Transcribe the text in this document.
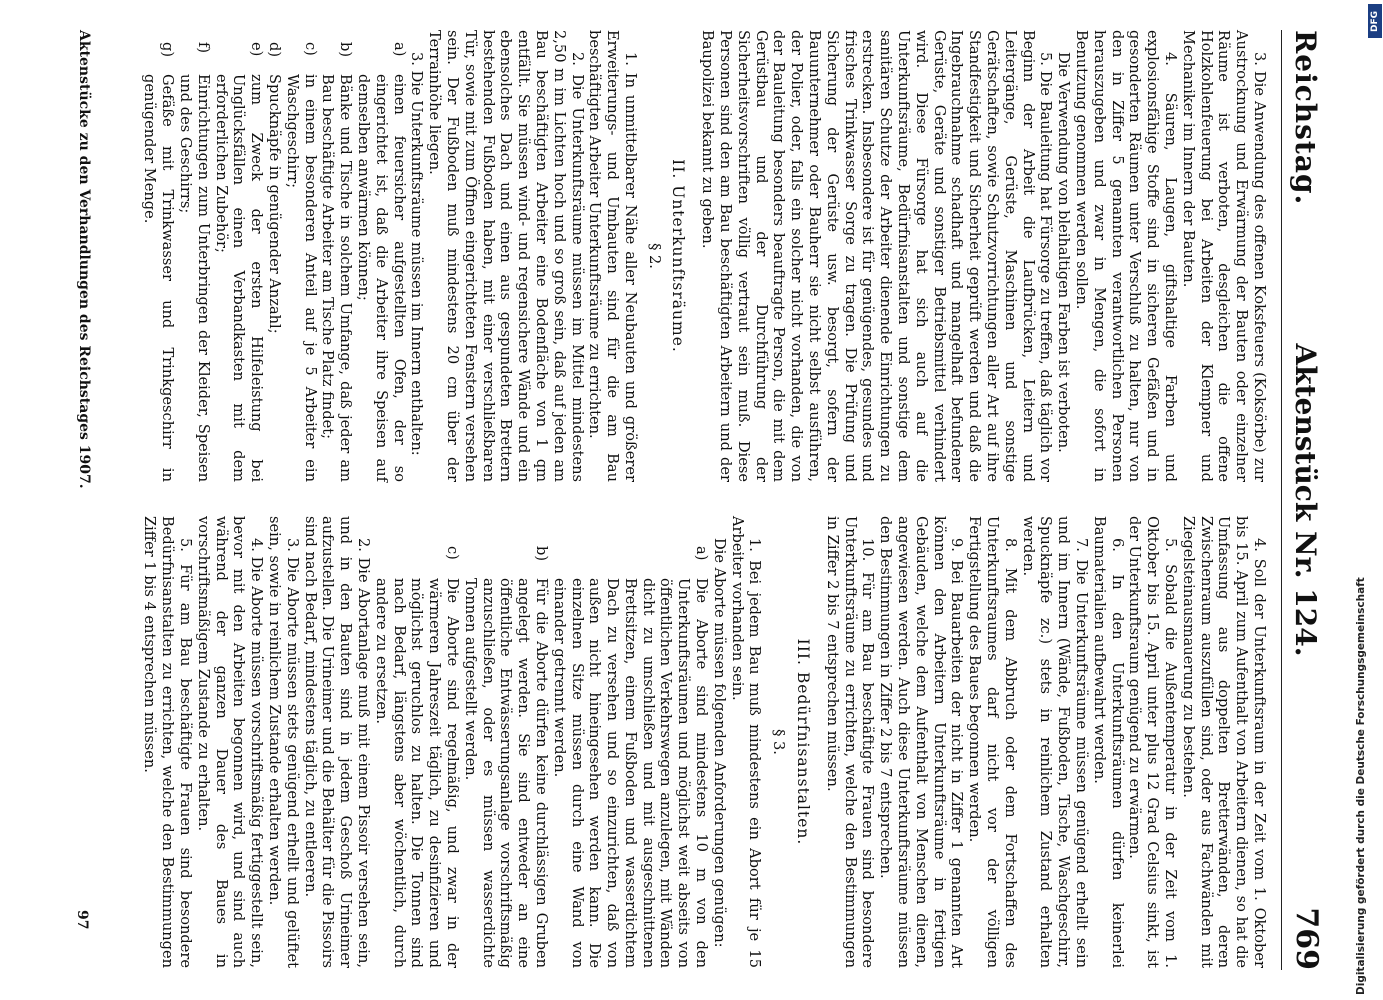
Reichstag.
Aktenstück Nr. 124.
769

3. Die Anwendung des offenen Koksfeuers (Koksörbe) zur Austrocknung und Erwärmung der Bauten oder einzelner Räume ist verboten, desgleichen die offene Holzkohlenfeuerung bei Arbeiten der Klempner und Mechaniker im Innern der Bauten.

4. Säuren, Laugen, giftshaltige Farben und explosionsfähige Stoffe sind in sicheren Gefäßen und in gesonderten Räumen unter Verschluß zu halten, nur von den in Ziffer 5 genannten verantwortlichen Personen herauszugeben und zwar in Mengen, die sofort in Benutzung genommen werden sollen.

Die Verwendung von bleihaltigen Farben ist verboten.

5. Die Bauleitung hat Fürsorge zu treffen, daß täglich vor Beginn der Arbeit die Laufbrücken, Leitern und Leitergänge, Gerüste, Maschinen und sonstige Gerätschaften, sowie Schutzvorrichtungen aller Art auf ihre Standfestigkeit und Sicherheit geprüft werden und daß die Ingebrauchnahme schadhaft und mangelhaft befundener Gerüste, Geräte und sonstiger Betriebsmittel verhindert wird. Diese Fürsorge hat sich auch auf die Unterkunftsräume, Bedürfnisanstalten und sonstige dem sanitären Schutze der Arbeiter dienende Einrichtungen zu erstrecken. Insbesondere ist für genügendes, gesundes und frisches Trinkwasser Sorge zu tragen. Die Prüfung und Sicherung der Gerüste usw. besorgt, sofern der Bauunternehmer oder Bauherr sie nicht selbst ausführen, der Polier, oder, falls ein solcher nicht vorhanden, die von der Bauleitung besonders beauftragte Person, die mit dem Gerüstbau und der Durchführung der Sicherheitsvorschriften völlig vertraut sein muß. Diese Personen sind den am Bau beschäftigten Arbeitern und der Baupolizei bekannt zu geben.

II. Unterkunftsräume.

§ 2.

1. In unmittelbarer Nähe aller Neubauten und größerer Erweiterungs- und Umbauten sind für die am Bau beschäftigten Arbeiter Unterkunftsräume zu errichten.

2. Die Unterkunftsräume müssen im Mittel mindestens 2,50 m im Lichten hoch und so groß sein, daß auf jeden am Bau beschäftigten Arbeiter eine Bodenfläche von 1 qm entfällt. Sie müssen wind- und regensichere Wände und ein ebensolches Dach und einen aus gespundeten Brettern bestehenden Fußboden haben, mit einer verschließbaren Tür, sowie mit zum Öffnen eingerichteten Fenstern versehen sein. Der Fußboden muß mindestens 20 cm über der Terrainhöhe liegen.

3. Die Unterkunftsräume müssen im Innern enthalten:

a)
einen feuersicher aufgestellten Ofen, der so eingerichtet ist, daß die Arbeiter ihre Speisen auf demselben anwärmen können;

b)
Bänke und Tische in solchem Umfange, daß jeder am Bau beschäftigte Arbeiter am Tische Platz findet;

c)
in einem besonderen Anteil auf je 5 Arbeiter ein Waschgeschirr;

d)
Spucknäpfe in genügender Anzahl;

e)
zum Zweck der ersten Hilfeleistung bei Unglücksfällen einen Verbandkasten mit dem erforderlichen Zubehör;

f)
Einrichtungen zum Unterbringen der Kleider, Speisen und des Geschirrs;

g)
Gefäße mit Trinkwasser und Trinkgeschirr in genügender Menge.

4. Soll der Unterkunftsraum in der Zeit vom 1. Oktober bis 15. April zum Aufenthalt von Arbeitern dienen, so hat die Umfassung aus doppelten Bretterwänden, deren Zwischenraum auszufüllen sind, oder aus Fachwänden mit Ziegelsteinausmauerung zu bestehen.

5. Sobald die Außentemperatur in der Zeit vom 1. Oktober bis 15. April unter plus 12 Grad Celsius sinkt, ist der Unterkunftsraum genügend zu erwärmen.

6. In den Unterkunftsräumen dürfen keinerlei Baumaterialien aufbewahrt werden.

7. Die Unterkunftsräume müssen genügend erhellt sein und im Innern (Wände, Fußboden, Tische, Waschgeschirr, Spucknäpfe zc.) stets in reinlichem Zustand erhalten werden.

8. Mit dem Abbruch oder dem Fortschaffen des Unterkunftsraumes darf nicht vor der völligen Fertigstellung des Baues begonnen werden.

9. Bei Bauarbeiten der nicht in Ziffer 1 genannten Art können den Arbeitern Unterkunftsräume in fertigen Gebäuden, welche dem Aufenthalt von Menschen dienen, angewiesen werden. Auch diese Unterkunftsräume müssen den Bestimmungen in Ziffer 2 bis 7 entsprechen.

10. Für am Bau beschäftigte Frauen sind besondere Unterkunftsräume zu errichten, welche den Bestimmungen in Ziffer 2 bis 7 entsprechen müssen.

III. Bedürfnisanstalten.

§ 3.

1. Bei jedem Bau muß mindestens ein Abort für je 15 Arbeiter vorhanden sein.

Die Aborte müssen folgenden Anforderungen genügen:

a)
Die Aborte sind mindestens 10 m von den Unterkunftsräumen und möglichst weit abseits von öffentlichen Verkehrswegen anzulegen, mit Wänden dicht zu umschließen und mit ausgeschnittenen Brettsitzen, einem Fußboden und wasserdichtem Dach zu versehen und so einzurichten, daß von außen nicht hineingesehen werden kann. Die einzelnen Sitze müssen durch eine Wand von einander getrennt werden.

b)
Für die Aborte dürfen keine durchlässigen Gruben angelegt werden. Sie sind entweder an eine öffentliche Entwässerungsanlage vorschriftsmäßig anzuschließen, oder es müssen wasserdichte Tonnen aufgestellt werden.

c)
Die Aborte sind regelmäßig, und zwar in der wärmeren Jahreszeit täglich, zu desinfizieren und möglichst geruchlos zu halten. Die Tonnen sind nach Bedarf, längstens aber wöchentlich, durch andere zu ersetzen.

2. Die Abortanlage muß mit einem Pissoir versehen sein, und in den Bauten sind in jedem Geschoß Urineimer aufzustellen. Die Urineimer und die Behälter für die Pissoirs sind nach Bedarf, mindestens täglich, zu entleeren.

3. Die Aborte müssen stets genügend erhellt und gelüftet sein, sowie in reinlichem Zustande erhalten werden.

4. Die Aborte müssen vorschriftsmäßig fertiggestellt sein, bevor mit den Arbeiten begonnen wird, und sind auch während der ganzen Dauer des Baues in vorschriftsmäßigem Zustande zu erhalten.

5. Für am Bau beschäftigte Frauen sind besondere Bedürfnisanstalten zu errichten, welche den Bestimmungen Ziffer 1 bis 4 entsprechen müssen.

Aktenstücke zu den Verhandlungen des Reichstages 1907.
97	Digitalisierung gefördert durch die Deutsche Forschungsgemeinschaft
DFG
